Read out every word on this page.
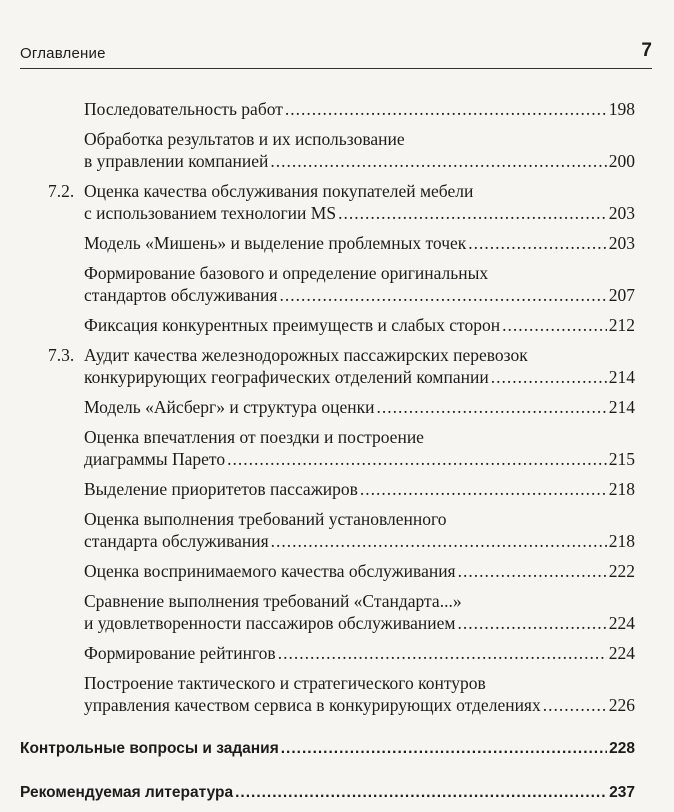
Оглавление	7
Последовательность работ .....	198
Обработка результатов и их использование
в управлении компанией .....	200
7.2. Оценка качества обслуживания покупателей мебели
с использованием технологии MS .....	203
Модель «Мишень» и выделение проблемных точек .....	203
Формирование базового и определение оригинальных
стандартов обслуживания .....	207
Фиксация конкурентных преимуществ и слабых сторон .....	212
7.3. Аудит качества железнодорожных пассажирских перевозок
конкурирующих географических отделений компании .....	214
Модель «Айсберг» и структура оценки .....	214
Оценка впечатления от поездки и построение
диаграммы Парето .....	215
Выделение приоритетов пассажиров .....	218
Оценка выполнения требований установленного
стандарта обслуживания .....	218
Оценка воспринимаемого качества обслуживания .....	222
Сравнение выполнения требований «Стандарта...»
и удовлетворенности пассажиров обслуживанием .....	224
Формирование рейтингов .....	224
Построение тактического и стратегического контуров
управления качеством сервиса в конкурирующих отделениях .....	226
Контрольные вопросы и задания .....	228
Рекомендуемая литература .....	237
